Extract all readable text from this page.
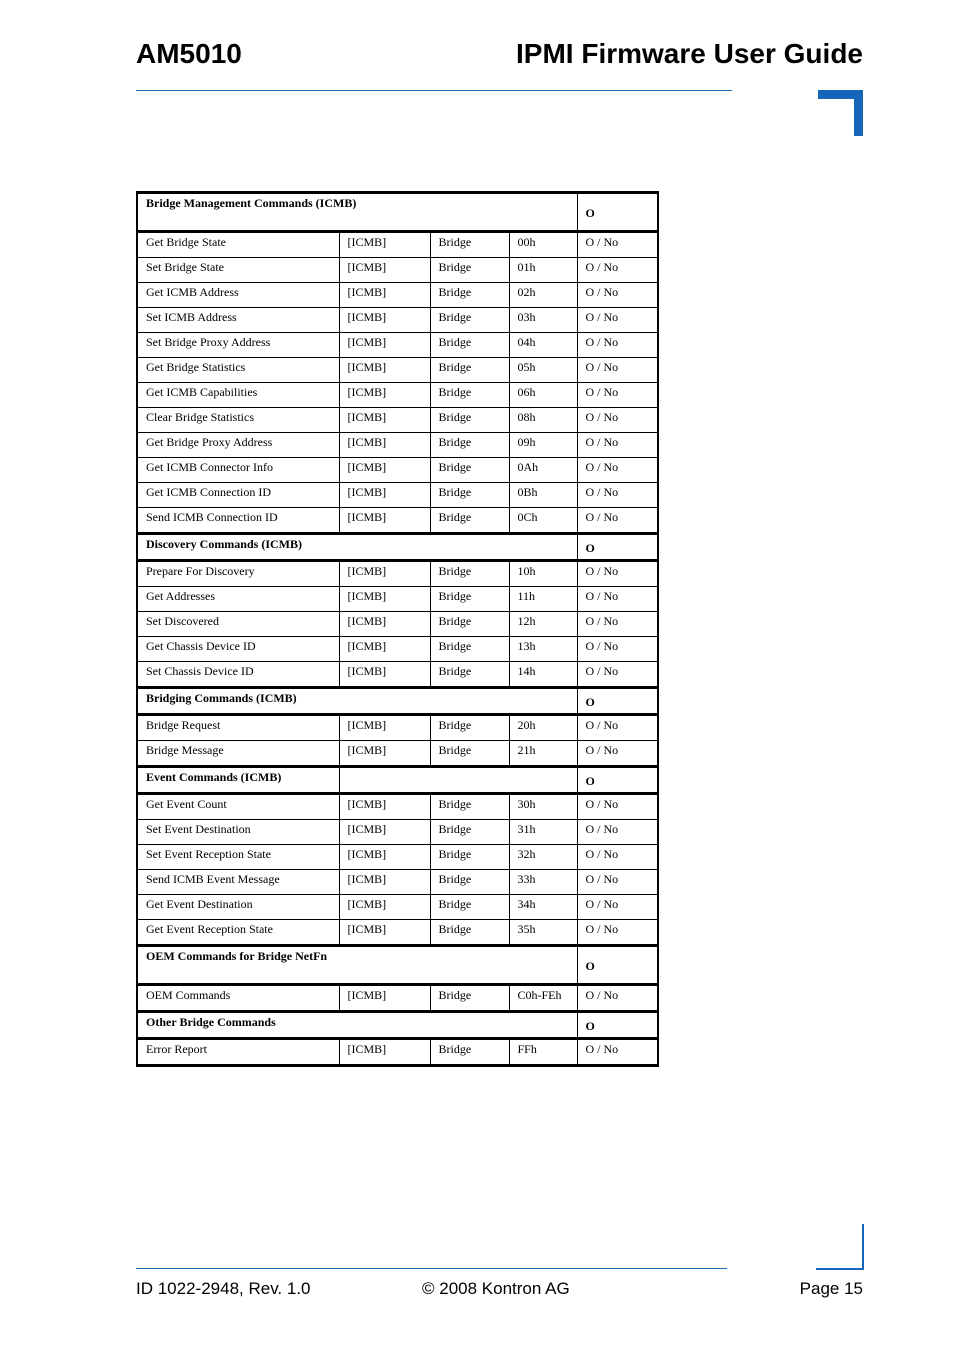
AM5010	IPMI Firmware User Guide
Bridge Management Commands (ICMB)				O
Get Bridge State	[ICMB]	Bridge	00h	O / No
Set Bridge State	[ICMB]	Bridge	01h	O / No
Get ICMB Address	[ICMB]	Bridge	02h	O / No
Set ICMB Address	[ICMB]	Bridge	03h	O / No
Set Bridge Proxy Address	[ICMB]	Bridge	04h	O / No
Get Bridge Statistics	[ICMB]	Bridge	05h	O / No
Get ICMB Capabilities	[ICMB]	Bridge	06h	O / No
Clear Bridge Statistics	[ICMB]	Bridge	08h	O / No
Get Bridge Proxy Address	[ICMB]	Bridge	09h	O / No
Get ICMB Connector Info	[ICMB]	Bridge	0Ah	O / No
Get ICMB Connection ID	[ICMB]	Bridge	0Bh	O / No
Send ICMB Connection ID	[ICMB]	Bridge	0Ch	O / No
Discovery Commands (ICMB)				O
Prepare For Discovery	[ICMB]	Bridge	10h	O / No
Get Addresses	[ICMB]	Bridge	11h	O / No
Set Discovered	[ICMB]	Bridge	12h	O / No
Get Chassis Device ID	[ICMB]	Bridge	13h	O / No
Set Chassis Device ID	[ICMB]	Bridge	14h	O / No
Bridging Commands (ICMB)				O
Bridge Request	[ICMB]	Bridge	20h	O / No
Bridge Message	[ICMB]	Bridge	21h	O / No
Event Commands (ICMB)				O
Get Event Count	[ICMB]	Bridge	30h	O / No
Set Event Destination	[ICMB]	Bridge	31h	O / No
Set Event Reception State	[ICMB]	Bridge	32h	O / No
Send ICMB Event Message	[ICMB]	Bridge	33h	O / No
Get Event Destination	[ICMB]	Bridge	34h	O / No
Get Event Reception State	[ICMB]	Bridge	35h	O / No
OEM Commands for Bridge NetFn				O
OEM Commands	[ICMB]	Bridge	C0h-FEh	O / No
Other Bridge Commands				O
Error Report	[ICMB]	Bridge	FFh	O / No
ID 1022-2948, Rev. 1.0	© 2008 Kontron AG	Page 15
